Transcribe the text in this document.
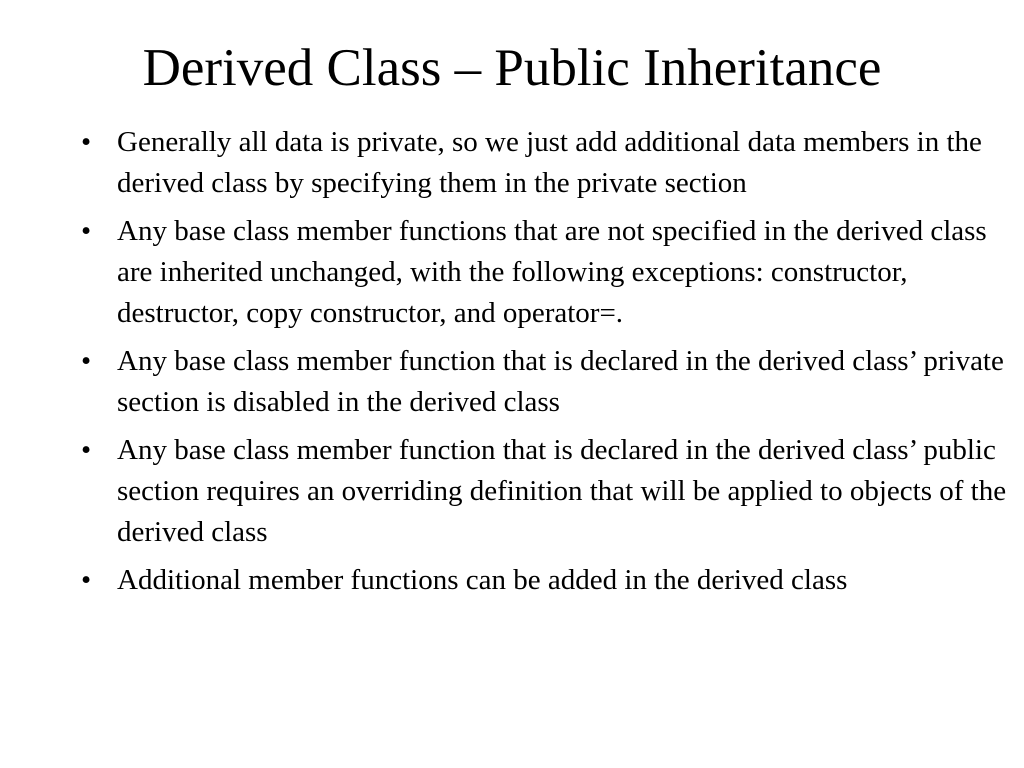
Derived Class – Public Inheritance
• Generally all data is private, so we just add additional data members in the derived class by specifying them in the private section
• Any base class member functions that are not specified in the derived class are inherited unchanged, with the following exceptions: constructor, destructor, copy constructor, and operator=.
• Any base class member function that is declared in the derived class’ private section is disabled in the derived class
• Any base class member function that is declared in the derived class’ public section requires an overriding definition that will be applied to objects of the derived class
• Additional member functions can be added in the derived class
